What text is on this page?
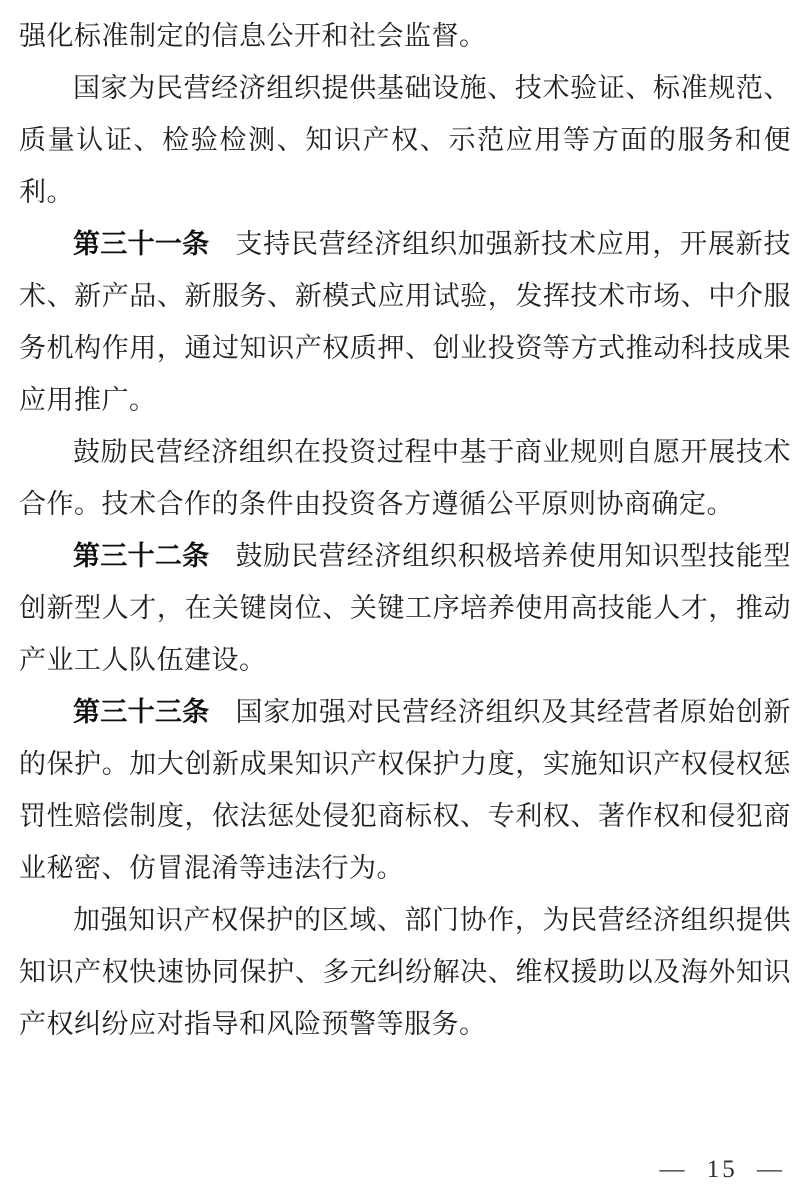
强化标准制定的信息公开和社会监督。
国家为民营经济组织提供基础设施、技术验证、标准规范、
质量认证、检验检测、知识产权、示范应用等方面的服务和便
利。
第三十一条 支持民营经济组织加强新技术应用，开展新技
术、新产品、新服务、新模式应用试验，发挥技术市场、中介服
务机构作用，通过知识产权质押、创业投资等方式推动科技成果
应用推广。
鼓励民营经济组织在投资过程中基于商业规则自愿开展技术
合作。技术合作的条件由投资各方遵循公平原则协商确定。
第三十二条 鼓励民营经济组织积极培养使用知识型技能型
创新型人才，在关键岗位、关键工序培养使用高技能人才，推动
产业工人队伍建设。
第三十三条 国家加强对民营经济组织及其经营者原始创新
的保护。加大创新成果知识产权保护力度，实施知识产权侵权惩
罚性赔偿制度，依法惩处侵犯商标权、专利权、著作权和侵犯商
业秘密、仿冒混淆等违法行为。
加强知识产权保护的区域、部门协作，为民营经济组织提供
知识产权快速协同保护、多元纠纷解决、维权援助以及海外知识
产权纠纷应对指导和风险预警等服务。
— 15 —
